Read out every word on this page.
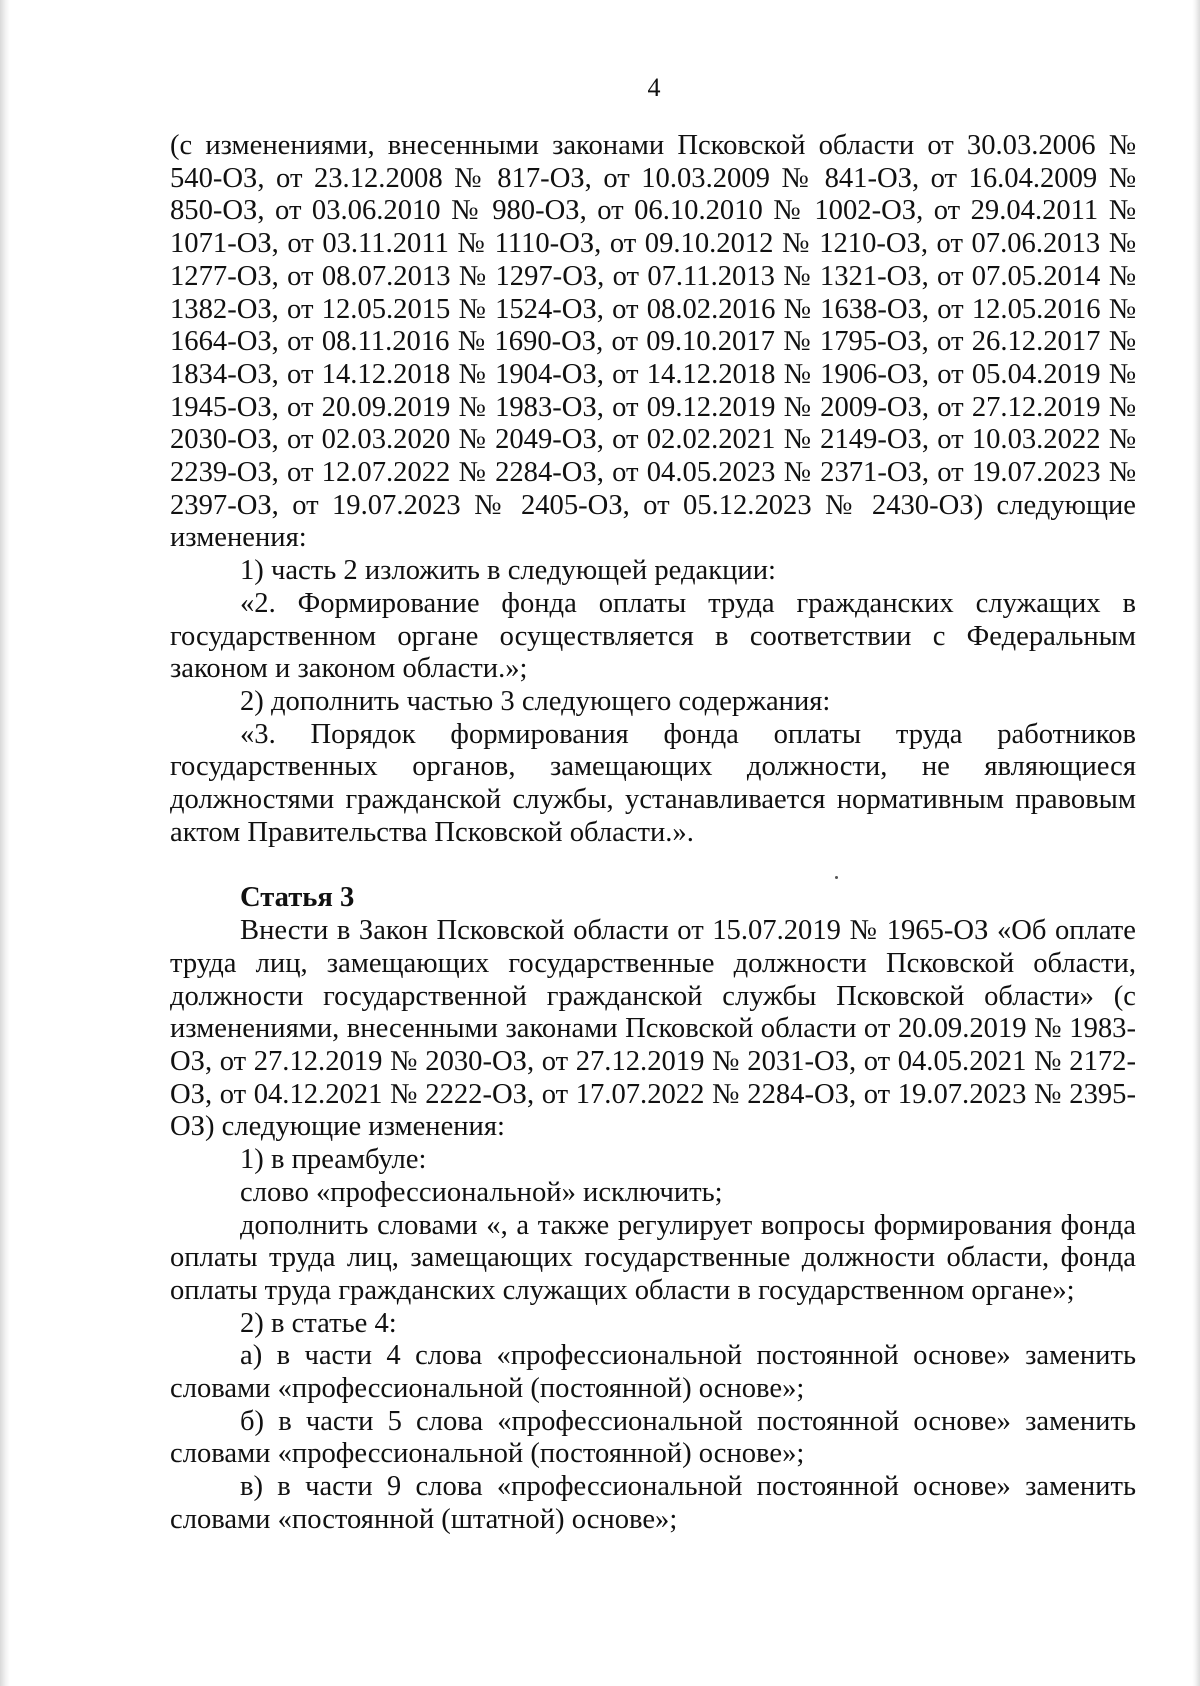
4

(с изменениями, внесенными законами Псковской области от 30.03.2006 № 540-ОЗ, от 23.12.2008 № 817-ОЗ, от 10.03.2009 № 841-ОЗ, от 16.04.2009 № 850-ОЗ, от 03.06.2010 № 980-ОЗ, от 06.10.2010 № 1002-ОЗ, от 29.04.2011 № 1071-ОЗ, от 03.11.2011 № 1110-ОЗ, от 09.10.2012 № 1210-ОЗ, от 07.06.2013 № 1277-ОЗ, от 08.07.2013 № 1297-ОЗ, от 07.11.2013 № 1321-ОЗ, от 07.05.2014 № 1382-ОЗ, от 12.05.2015 № 1524-ОЗ, от 08.02.2016 № 1638-ОЗ, от 12.05.2016 № 1664-ОЗ, от 08.11.2016 № 1690-ОЗ, от 09.10.2017 № 1795-ОЗ, от 26.12.2017 № 1834-ОЗ, от 14.12.2018 № 1904-ОЗ, от 14.12.2018 № 1906-ОЗ, от 05.04.2019 № 1945-ОЗ, от 20.09.2019 № 1983-ОЗ, от 09.12.2019 № 2009-ОЗ, от 27.12.2019 № 2030-ОЗ, от 02.03.2020 № 2049-ОЗ, от 02.02.2021 № 2149-ОЗ, от 10.03.2022 № 2239-ОЗ, от 12.07.2022 № 2284-ОЗ, от 04.05.2023 № 2371-ОЗ, от 19.07.2023 № 2397-ОЗ, от 19.07.2023 № 2405-ОЗ, от 05.12.2023 № 2430-ОЗ) следующие изменения:

1) часть 2 изложить в следующей редакции:

«2. Формирование фонда оплаты труда гражданских служащих в государственном органе осуществляется в соответствии с Федеральным законом и законом области.»;

2) дополнить частью 3 следующего содержания:

«3. Порядок формирования фонда оплаты труда работников государственных органов, замещающих должности, не являющиеся должностями гражданской службы, устанавливается нормативным правовым актом Правительства Псковской области.».

Статья 3

Внести в Закон Псковской области от 15.07.2019 № 1965-ОЗ «Об оплате труда лиц, замещающих государственные должности Псковской области, должности государственной гражданской службы Псковской области» (с изменениями, внесенными законами Псковской области от 20.09.2019 № 1983-ОЗ, от 27.12.2019 № 2030-ОЗ, от 27.12.2019 № 2031-ОЗ, от 04.05.2021 № 2172-ОЗ, от 04.12.2021 № 2222-ОЗ, от 17.07.2022 № 2284-ОЗ, от 19.07.2023 № 2395-ОЗ) следующие изменения:

1) в преамбуле:

слово «профессиональной» исключить;

дополнить словами «, а также регулирует вопросы формирования фонда оплаты труда лиц, замещающих государственные должности области, фонда оплаты труда гражданских служащих области в государственном органе»;

2) в статье 4:

а) в части 4 слова «профессиональной постоянной основе» заменить словами «профессиональной (постоянной) основе»;

б) в части 5 слова «профессиональной постоянной основе» заменить словами «профессиональной (постоянной) основе»;

в) в части 9 слова «профессиональной постоянной основе» заменить словами «постоянной (штатной) основе»;
